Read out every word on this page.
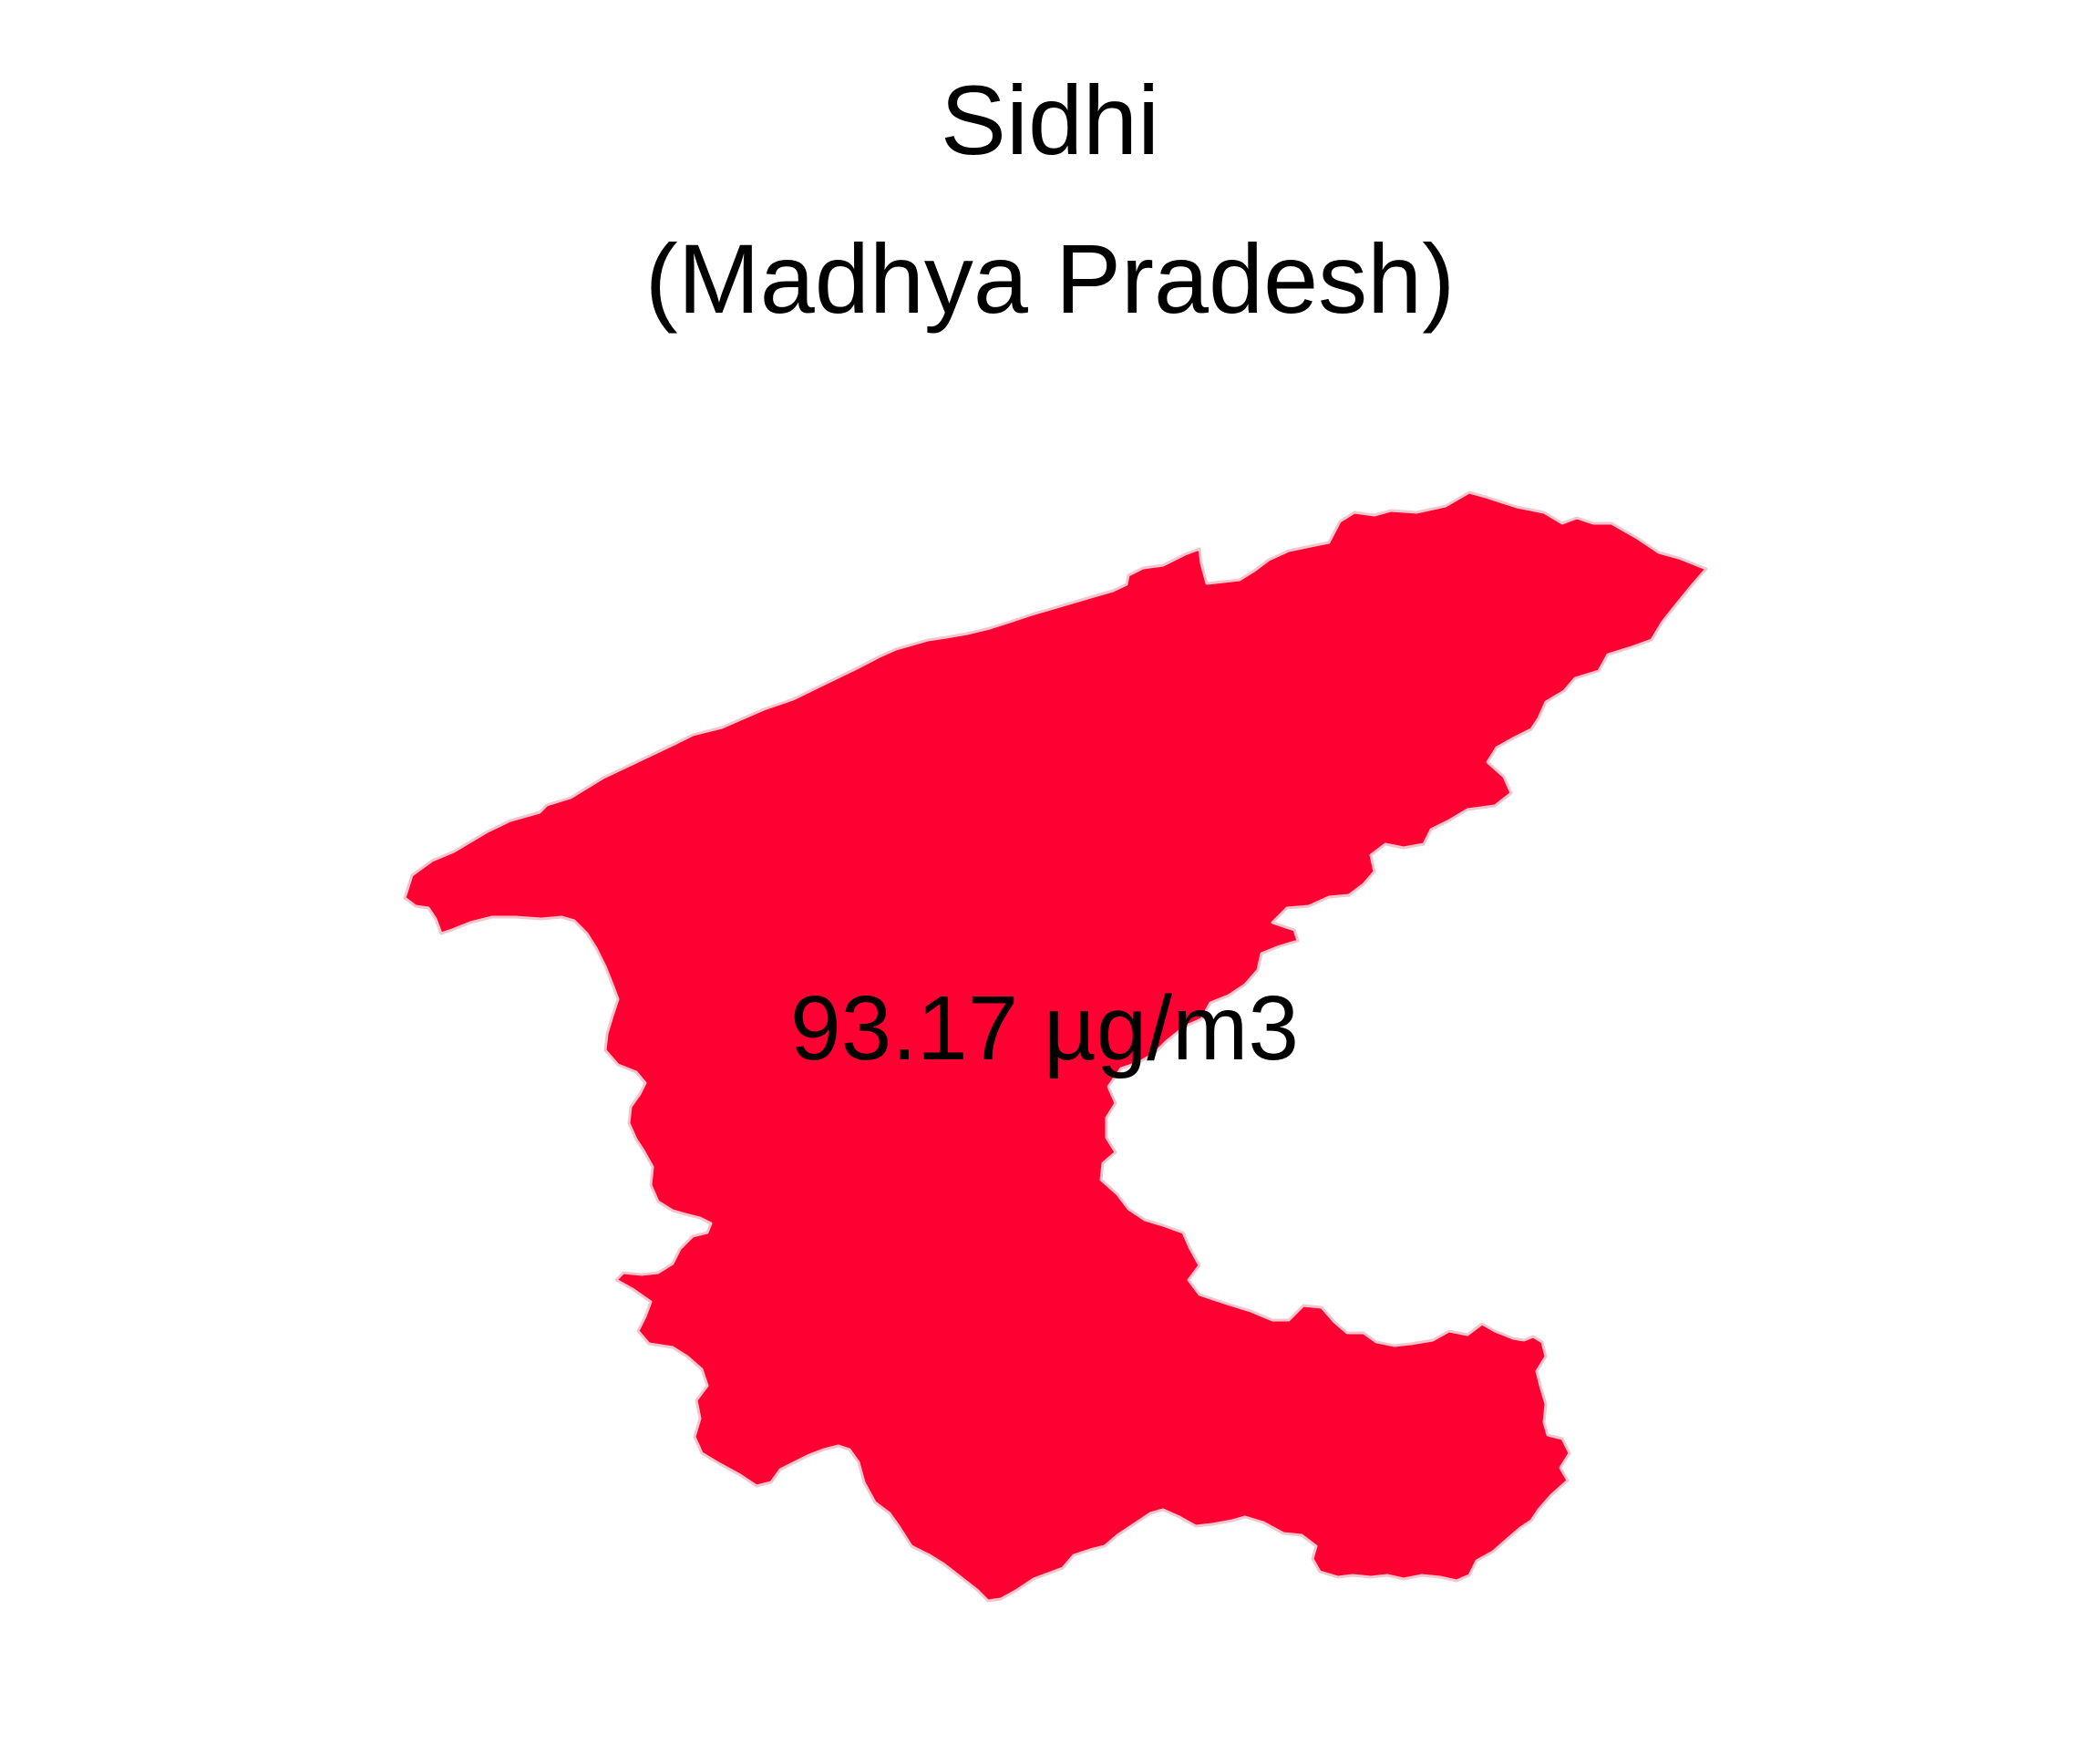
Sidhi
(Madhya Pradesh)
93.17 µg/m3
